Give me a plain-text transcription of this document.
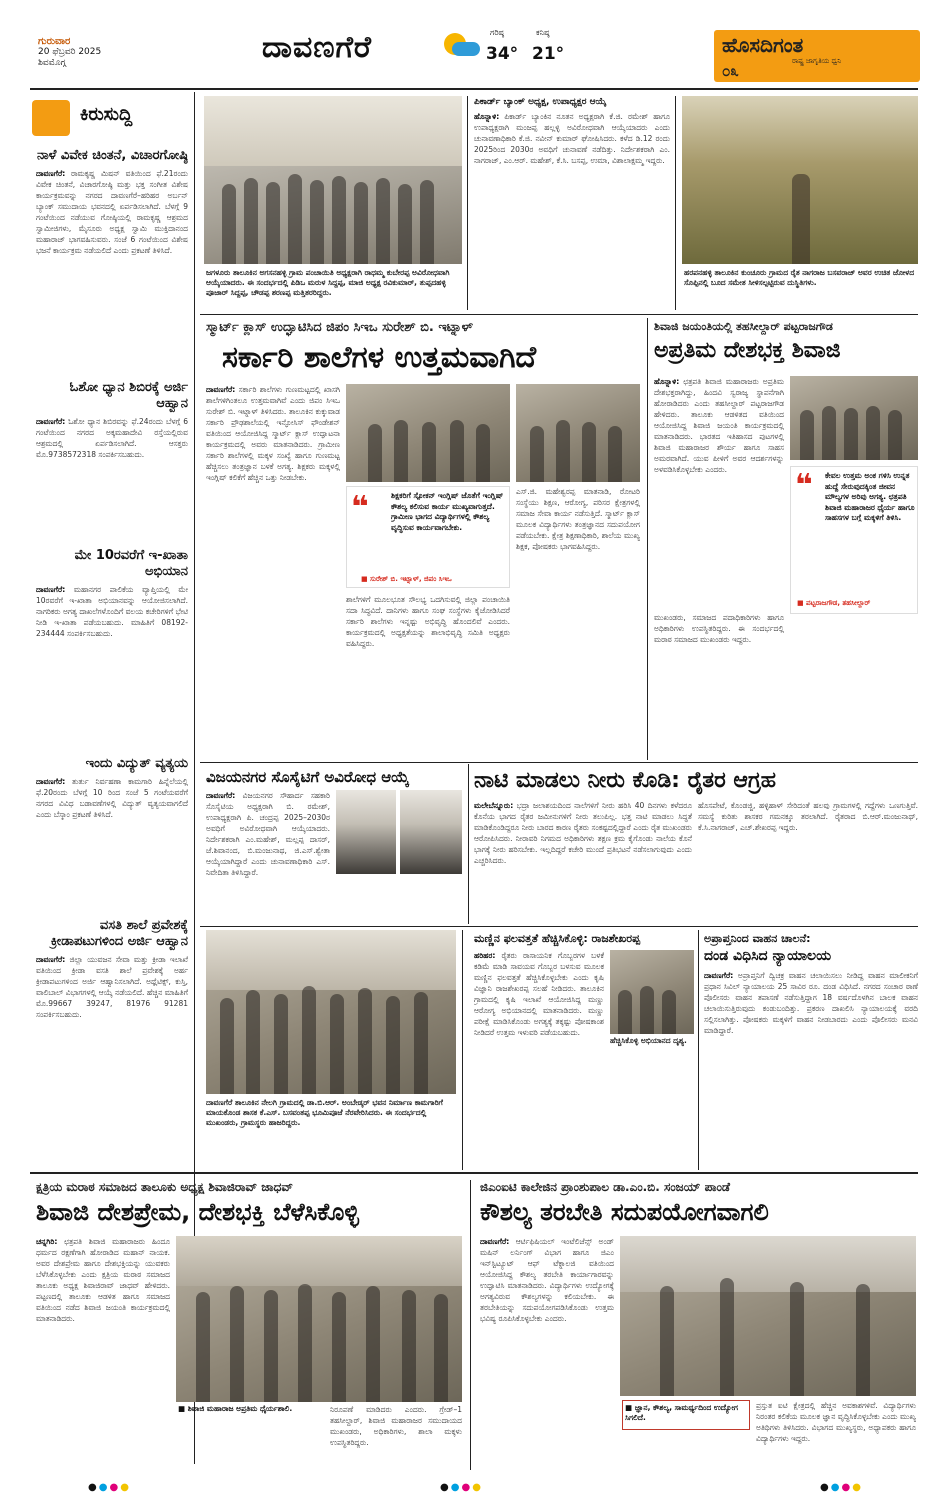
ಗುರುವಾರ
20 ಫೆಬ್ರವರಿ 2025
ಶಿವಮೊಗ್ಗ	ದಾವಣಗೆರೆ	ಗರಿಷ್ಠ
34°
ಕನಿಷ್ಠ
21°	ಹೊಸದಿಗಂತ
ರಾಷ್ಟ್ರ ಜಾಗೃತಿಯ ಧ್ವನಿ
೦೩
ಕಿರುಸುದ್ದಿ
ನಾಳೆ ವಿವೇಕ ಚಿಂತನೆ, ವಿಚಾರಗೋಷ್ಠಿ
ದಾವಣಗೆರೆ: ರಾಮಕೃಷ್ಣ ಮಿಷನ್ ವತಿಯಿಂದ ಫೆ.21ರಂದು ವಿವೇಕ ಚಿಂತನೆ, ವಿಚಾರಗೋಷ್ಠಿ ಮತ್ತು ಭಕ್ತ ಸಂಗೀತ ವಿಶೇಷ ಕಾರ್ಯಕ್ರಮವನ್ನು ನಗರದ ದಾವಣಗೆರೆ–ಹರಿಹರ ಅರ್ಬನ್ ಬ್ಯಾಂಕ್ ಸಮುದಾಯ ಭವನದಲ್ಲಿ ಏರ್ಪಡಿಸಲಾಗಿದೆ. ಬೆಳಗ್ಗೆ 9 ಗಂಟೆಯಿಂದ ನಡೆಯುವ ಗೋಷ್ಠಿಯಲ್ಲಿ ರಾಮಕೃಷ್ಣ ಆಶ್ರಮದ ಸ್ವಾಮೀಜಿಗಳು, ಮೈಸೂರು ಅಧ್ಯಕ್ಷ ಸ್ವಾಮಿ ಮುಕ್ತಿದಾನಂದ ಮಹಾರಾಜ್ ಭಾಗವಹಿಸುವರು. ಸಂಜೆ 6 ಗಂಟೆಯಿಂದ ವಿಶೇಷ ಭಜನೆ ಕಾರ್ಯಕ್ರಮ ನಡೆಯಲಿದೆ ಎಂದು ಪ್ರಕಟಣೆ ತಿಳಿಸಿದೆ.
ಓಶೋ ಧ್ಯಾನ ಶಿಬಿರಕ್ಕೆ ಅರ್ಜಿ ಆಹ್ವಾನ
ದಾವಣಗೆರೆ: ಓಶೋ ಧ್ಯಾನ ಶಿಬಿರವನ್ನು ಫೆ.24ರಂದು ಬೆಳಗ್ಗೆ 6 ಗಂಟೆಯಿಂದ ನಗರದ ಅಕ್ಕಮಹಾದೇವಿ ರಸ್ತೆಯಲ್ಲಿರುವ ಆಶ್ರಮದಲ್ಲಿ ಏರ್ಪಡಿಸಲಾಗಿದೆ. ಆಸಕ್ತರು ಮೊ.9738572318 ಸಂಪರ್ಕಿಸಬಹುದು.
ಮೇ 10ರವರೆಗೆ ಇ-ಖಾತಾ ಅಭಿಯಾನ
ದಾವಣಗೆರೆ: ಮಹಾನಗರ ಪಾಲಿಕೆಯ ವ್ಯಾಪ್ತಿಯಲ್ಲಿ ಮೇ 10ರವರೆಗೆ ಇ-ಖಾತಾ ಅಭಿಯಾನವನ್ನು ಆಯೋಜಿಸಲಾಗಿದೆ. ನಾಗರಿಕರು ಅಗತ್ಯ ದಾಖಲೆಗಳೊಂದಿಗೆ ವಲಯ ಕಚೇರಿಗಳಿಗೆ ಭೇಟಿ ನೀಡಿ ಇ-ಖಾತಾ ಪಡೆಯಬಹುದು. ಮಾಹಿತಿಗೆ 08192-234444 ಸಂಪರ್ಕಿಸಬಹುದು.
ಇಂದು ವಿದ್ಯುತ್ ವ್ಯತ್ಯಯ
ದಾವಣಗೆರೆ: ತುರ್ತು ನಿರ್ವಹಣಾ ಕಾಮಗಾರಿ ಹಿನ್ನೆಲೆಯಲ್ಲಿ ಫೆ.20ರಂದು ಬೆಳಗ್ಗೆ 10 ರಿಂದ ಸಂಜೆ 5 ಗಂಟೆಯವರೆಗೆ ನಗರದ ವಿವಿಧ ಬಡಾವಣೆಗಳಲ್ಲಿ ವಿದ್ಯುತ್ ವ್ಯತ್ಯಯವಾಗಲಿದೆ ಎಂದು ಬೆಸ್ಕಾಂ ಪ್ರಕಟಣೆ ತಿಳಿಸಿದೆ.
ವಸತಿ ಶಾಲೆ ಪ್ರವೇಶಕ್ಕೆ ಕ್ರೀಡಾಪಟುಗಳಿಂದ ಅರ್ಜಿ ಆಹ್ವಾನ
ದಾವಣಗೆರೆ: ಜಿಲ್ಲಾ ಯುವಜನ ಸೇವಾ ಮತ್ತು ಕ್ರೀಡಾ ಇಲಾಖೆ ವತಿಯಿಂದ ಕ್ರೀಡಾ ವಸತಿ ಶಾಲೆ ಪ್ರವೇಶಕ್ಕೆ ಅರ್ಹ ಕ್ರೀಡಾಪಟುಗಳಿಂದ ಅರ್ಜಿ ಆಹ್ವಾನಿಸಲಾಗಿದೆ. ಅಥ್ಲೆಟಿಕ್ಸ್, ಕುಸ್ತಿ, ವಾಲಿಬಾಲ್ ವಿಭಾಗಗಳಲ್ಲಿ ಆಯ್ಕೆ ನಡೆಯಲಿದೆ. ಹೆಚ್ಚಿನ ಮಾಹಿತಿಗೆ ಮೊ.99667 39247, 81976 91281 ಸಂಪರ್ಕಿಸಬಹುದು.
ಜಗಳೂರು ತಾಲೂಕಿನ ಅಗಸನಹಳ್ಳಿ ಗ್ರಾಮ ಪಂಚಾಯಿತಿ ಅಧ್ಯಕ್ಷರಾಗಿ ರಾಧಮ್ಮ ಕುಬೇರಪ್ಪ ಅವಿರೋಧವಾಗಿ ಆಯ್ಕೆಯಾದರು. ಈ ಸಂದರ್ಭದಲ್ಲಿ ಪಿಡಿಒ ಮರುಳ ಸಿದ್ದಪ್ಪ, ಮಾಜಿ ಅಧ್ಯಕ್ಷ ರವಿಕುಮಾರ್, ತುಪ್ಪದಹಳ್ಳಿ ಪೂಜಾರ್ ಸಿದ್ದಪ್ಪ, ಚೌಡಪ್ಪ ಶರಣಪ್ಪ ಮತ್ತಿತರರಿದ್ದರು.
ಪಿಕಾರ್ಡ್ ಬ್ಯಾಂಕ್ ಅಧ್ಯಕ್ಷ, ಉಪಾಧ್ಯಕ್ಷರ ಆಯ್ಕೆ
ಹೊನ್ನಾಳಿ: ಪಿಕಾರ್ಡ್ ಬ್ಯಾಂಕಿನ ನೂತನ ಅಧ್ಯಕ್ಷರಾಗಿ ಕೆ.ಜಿ. ರಮೇಶ್ ಹಾಗೂ ಉಪಾಧ್ಯಕ್ಷರಾಗಿ ಮಂಜಪ್ಪ ಹಲ್ಲಳ್ಳಿ ಅವಿರೋಧವಾಗಿ ಆಯ್ಕೆಯಾದರು ಎಂದು ಚುನಾವಣಾಧಿಕಾರಿ ಕೆ.ಜಿ. ನವೀನ್ ಕುಮಾರ್ ಘೋಷಿಸಿದರು. ಕಳೆದ ಡಿ.12 ರಂದು 2025ರಿಂದ 2030ರ ಅವಧಿಗೆ ಚುನಾವಣೆ ನಡೆದಿತ್ತು. ನಿರ್ದೇಶಕರಾಗಿ ಎಂ. ನಾಗರಾಜ್, ಎಂ.ಆರ್. ಮಹೇಶ್, ಕೆ.ಸಿ. ಬಸಪ್ಪ, ಉಮಾ, ವಿಶಾಲಾಕ್ಷಮ್ಮ ಇದ್ದರು.
ಹರಪನಹಳ್ಳಿ ತಾಲೂಕಿನ ಕುಂಚೂರು ಗ್ರಾಮದ ರೈತ ನಾಗರಾಜ ಬಸವರಾಜ್ ಅವರ ಉಚಿತ ಜೋಳದ ಸೊಪ್ಪಿನಲ್ಲಿ ಬೂದ ಸಮೇತ ಸೀಳಿಸಲ್ಪಟ್ಟಿರುವ ದುಸ್ಥಿತಿಗಳು.
ಸ್ಮಾರ್ಟ್ ಕ್ಲಾಸ್ ಉದ್ಘಾಟಿಸಿದ ಜಿಪಂ ಸಿಇಒ ಸುರೇಶ್ ಬಿ. ಇಟ್ನಾಳ್
ಸರ್ಕಾರಿ ಶಾಲೆಗಳ ಉತ್ತಮವಾಗಿದೆ
ದಾವಣಗೆರೆ: ಸರ್ಕಾರಿ ಶಾಲೆಗಳು ಗುಣಮಟ್ಟದಲ್ಲಿ ಖಾಸಗಿ ಶಾಲೆಗಳಿಗಿಂತಲೂ ಉತ್ತಮವಾಗಿವೆ ಎಂದು ಜಿಪಂ ಸಿಇಒ ಸುರೇಶ್ ಬಿ. ಇಟ್ನಾಳ್ ತಿಳಿಸಿದರು. ತಾಲೂಕಿನ ಕುಕ್ಕುವಾಡ ಸರ್ಕಾರಿ ಪ್ರೌಢಶಾಲೆಯಲ್ಲಿ ಇನ್ಫೋಸಿಸ್ ಫೌಂಡೇಶನ್ ವತಿಯಿಂದ ಆಯೋಜಿಸಿದ್ದ ಸ್ಮಾರ್ಟ್ ಕ್ಲಾಸ್ ಉದ್ಘಾಟನಾ ಕಾರ್ಯಕ್ರಮದಲ್ಲಿ ಅವರು ಮಾತನಾಡಿದರು. ಗ್ರಾಮೀಣ ಸರ್ಕಾರಿ ಶಾಲೆಗಳಲ್ಲಿ ಮಕ್ಕಳ ಸಂಖ್ಯೆ ಹಾಗೂ ಗುಣಮಟ್ಟ ಹೆಚ್ಚಿಸಲು ತಂತ್ರಜ್ಞಾನ ಬಳಕೆ ಅಗತ್ಯ. ಶಿಕ್ಷಕರು ಮಕ್ಕಳಲ್ಲಿ ಇಂಗ್ಲಿಷ್ ಕಲಿಕೆಗೆ ಹೆಚ್ಚಿನ ಒತ್ತು ನೀಡಬೇಕು.
❝	ಶಿಕ್ಷಕರಿಗೆ ಸ್ಪೋಕನ್ ಇಂಗ್ಲಿಷ್ ಜೊತೆಗೆ ಇಂಗ್ಲಿಷ್ ಕೌಶಲ್ಯ ಕಲಿಸುವ ಕಾರ್ಯ ಮುಖ್ಯವಾಗುತ್ತದೆ. ಗ್ರಾಮೀಣ ಭಾಗದ ವಿದ್ಯಾರ್ಥಿಗಳಲ್ಲಿ ಕೌಶಲ್ಯ ವೃದ್ಧಿಸುವ ಕಾರ್ಯವಾಗಬೇಕು.
■ ಸುರೇಶ್ ಬಿ. ಇಟ್ನಾಳ್, ಜಿಪಂ ಸಿಇಒ
ಶಾಲೆಗಳಿಗೆ ಮೂಲಭೂತ ಸೌಲಭ್ಯ ಒದಗಿಸುವಲ್ಲಿ ಜಿಲ್ಲಾ ಪಂಚಾಯಿತಿ ಸದಾ ಸಿದ್ಧವಿದೆ. ದಾನಿಗಳು ಹಾಗೂ ಸಂಘ ಸಂಸ್ಥೆಗಳು ಕೈಜೋಡಿಸಿದರೆ ಸರ್ಕಾರಿ ಶಾಲೆಗಳು ಇನ್ನಷ್ಟು ಅಭಿವೃದ್ಧಿ ಹೊಂದಲಿವೆ ಎಂದರು. ಕಾರ್ಯಕ್ರಮದಲ್ಲಿ ಅಧ್ಯಕ್ಷತೆಯನ್ನು ಶಾಲಾಭಿವೃದ್ಧಿ ಸಮಿತಿ ಅಧ್ಯಕ್ಷರು ವಹಿಸಿದ್ದರು.
ಎಸ್.ಜಿ. ಮಹೇಶ್ವರಪ್ಪ ಮಾತನಾಡಿ, ರೋಟರಿ ಸಂಸ್ಥೆಯು ಶಿಕ್ಷಣ, ಆರೋಗ್ಯ, ಪರಿಸರ ಕ್ಷೇತ್ರಗಳಲ್ಲಿ ಸಮಾಜ ಸೇವಾ ಕಾರ್ಯ ನಡೆಸುತ್ತಿದೆ. ಸ್ಮಾರ್ಟ್ ಕ್ಲಾಸ್ ಮೂಲಕ ವಿದ್ಯಾರ್ಥಿಗಳು ತಂತ್ರಜ್ಞಾನದ ಸದುಪಯೋಗ ಪಡೆಯಬೇಕು. ಕ್ಷೇತ್ರ ಶಿಕ್ಷಣಾಧಿಕಾರಿ, ಶಾಲೆಯ ಮುಖ್ಯ ಶಿಕ್ಷಕ, ಪೋಷಕರು ಭಾಗವಹಿಸಿದ್ದರು.
ಶಿವಾಜಿ ಜಯಂತಿಯಲ್ಲಿ ತಹಸೀಲ್ದಾರ್ ಪಟ್ಟರಾಜಗೌಡ
ಅಪ್ರತಿಮ ದೇಶಭಕ್ತ ಶಿವಾಜಿ
ಹೊನ್ನಾಳಿ: ಛತ್ರಪತಿ ಶಿವಾಜಿ ಮಹಾರಾಜರು ಅಪ್ರತಿಮ ದೇಶಭಕ್ತರಾಗಿದ್ದು, ಹಿಂದವಿ ಸ್ವರಾಜ್ಯ ಸ್ಥಾಪನೆಗಾಗಿ ಹೋರಾಡಿದರು ಎಂದು ತಹಸೀಲ್ದಾರ್ ಪಟ್ಟರಾಜಗೌಡ ಹೇಳಿದರು. ತಾಲೂಕು ಆಡಳಿತದ ವತಿಯಿಂದ ಆಯೋಜಿಸಿದ್ದ ಶಿವಾಜಿ ಜಯಂತಿ ಕಾರ್ಯಕ್ರಮದಲ್ಲಿ ಮಾತನಾಡಿದರು. ಭಾರತದ ಇತಿಹಾಸದ ಪುಟಗಳಲ್ಲಿ ಶಿವಾಜಿ ಮಹಾರಾಜರ ಶೌರ್ಯ ಹಾಗೂ ಸಾಹಸ ಅಮರವಾಗಿದೆ. ಯುವ ಪೀಳಿಗೆ ಅವರ ಆದರ್ಶಗಳನ್ನು ಅಳವಡಿಸಿಕೊಳ್ಳಬೇಕು ಎಂದರು.	❝ ಕೇವಲ ಉತ್ತಮ ಅಂಕ ಗಳಿಸಿ ಉನ್ನತ ಹುದ್ದೆ ಸೇರುವುದಕ್ಕಿಂತ ಜೀವನ ಮೌಲ್ಯಗಳ ಅರಿವು ಅಗತ್ಯ. ಛತ್ರಪತಿ ಶಿವಾಜಿ ಮಹಾರಾಜರ ಧೈರ್ಯ ಹಾಗೂ ಸಾಹಸಗಳ ಬಗ್ಗೆ ಮಕ್ಕಳಿಗೆ ತಿಳಿಸಿ.
■ ಪಟ್ಟರಾಜಗೌಡ, ತಹಸೀಲ್ದಾರ್
ಮುಖಂಡರು, ಸಮಾಜದ ಪದಾಧಿಕಾರಿಗಳು ಹಾಗೂ ಅಧಿಕಾರಿಗಳು ಉಪಸ್ಥಿತರಿದ್ದರು. ಈ ಸಂದರ್ಭದಲ್ಲಿ ಮರಾಠ ಸಮಾಜದ ಮುಖಂಡರು ಇದ್ದರು.
ವಿಜಯನಗರ ಸೊಸೈಟಿಗೆ ಅವಿರೋಧ ಆಯ್ಕೆ
ದಾವಣಗೆರೆ: ವಿಜಯನಗರ ಸೌಹಾರ್ದ ಸಹಕಾರಿ ಸೊಸೈಟಿಯ ಅಧ್ಯಕ್ಷರಾಗಿ ಬಿ. ರಮೇಶ್, ಉಪಾಧ್ಯಕ್ಷರಾಗಿ ಪಿ. ಚಂದ್ರಪ್ಪ 2025–2030ರ ಅವಧಿಗೆ ಅವಿರೋಧವಾಗಿ ಆಯ್ಕೆಯಾದರು. ನಿರ್ದೇಶಕರಾಗಿ ಎಂ.ಮಹೇಶ್, ಮಲ್ಲಪ್ಪ ದಾಸರ್, ಜೆ.ಶಿವಾನಂದ, ಬಿ.ಮಂಜುನಾಥ, ಜಿ.ಎಸ್.ಶ್ವೇತಾ ಆಯ್ಕೆಯಾಗಿದ್ದಾರೆ ಎಂದು ಚುನಾವಣಾಧಿಕಾರಿ ಎಸ್. ನಿವೇದಿತಾ ತಿಳಿಸಿದ್ದಾರೆ.
ನಾಟಿ ಮಾಡಲು ನೀರು ಕೊಡಿ: ರೈತರ ಆಗ್ರಹ
ಮಲೇಬೆನ್ನೂರು: ಭದ್ರಾ ಜಲಾಶಯದಿಂದ ನಾಲೆಗಳಿಗೆ ನೀರು ಹರಿಸಿ 40 ದಿನಗಳು ಕಳೆದರೂ ಕೊನೆಯ ಭಾಗದ ರೈತರ ಜಮೀನುಗಳಿಗೆ ನೀರು ತಲುಪಿಲ್ಲ. ಭತ್ತ ನಾಟಿ ಮಾಡಲು ಸಿದ್ಧತೆ ಮಾಡಿಕೊಂಡಿದ್ದರೂ ನೀರು ಬಾರದ ಕಾರಣ ರೈತರು ಸಂಕಷ್ಟದಲ್ಲಿದ್ದಾರೆ ಎಂದು ರೈತ ಮುಖಂಡರು ಆರೋಪಿಸಿದರು. ನೀರಾವರಿ ನಿಗಮದ ಅಧಿಕಾರಿಗಳು ತಕ್ಷಣ ಕ್ರಮ ಕೈಗೊಂಡು ನಾಲೆಯ ಕೊನೆ ಭಾಗಕ್ಕೆ ನೀರು ಹರಿಸಬೇಕು. ಇಲ್ಲದಿದ್ದರೆ ಕಚೇರಿ ಮುಂದೆ ಪ್ರತಿಭಟನೆ ನಡೆಸಲಾಗುವುದು ಎಂದು ಎಚ್ಚರಿಸಿದರು.
ಹೊಸಪೇಟೆ, ಕೊಂಡಜ್ಜಿ, ಹಳ್ಳಿಹಾಳ್ ಸೇರಿದಂತೆ ಹಲವು ಗ್ರಾಮಗಳಲ್ಲಿ ಗದ್ದೆಗಳು ಒಣಗುತ್ತಿವೆ. ಸಮಸ್ಯೆ ಕುರಿತು ಶಾಸಕರ ಗಮನಕ್ಕೂ ತರಲಾಗಿದೆ. ರೈತರಾದ ಬಿ.ಆರ್.ಮಂಜುನಾಥ್, ಕೆ.ಸಿ.ನಾಗರಾಜ್, ಎಚ್.ಶೇಖರಪ್ಪ ಇದ್ದರು.
ದಾವಣಗೆರೆ ತಾಲೂಕಿನ ನೇಲಗಿ ಗ್ರಾಮದಲ್ಲಿ ಡಾ.ಬಿ.ಆರ್. ಅಂಬೇಡ್ಕರ್ ಭವನ ನಿರ್ಮಾಣ ಕಾಮಗಾರಿಗೆ ಮಾಯಕೊಂಡ ಶಾಸಕ ಕೆ.ಎಸ್. ಬಸವಂತಪ್ಪ ಭೂಮಿಪೂಜೆ ನೆರವೇರಿಸಿದರು. ಈ ಸಂದರ್ಭದಲ್ಲಿ ಮುಖಂಡರು, ಗ್ರಾಮಸ್ಥರು ಹಾಜರಿದ್ದರು.
ಮಣ್ಣಿನ ಫಲವತ್ತತೆ ಹೆಚ್ಚಿಸಿಕೊಳ್ಳಿ: ರಾಜಶೇಖರಪ್ಪ
ಹರಿಹರ: ರೈತರು ರಾಸಾಯನಿಕ ಗೊಬ್ಬರಗಳ ಬಳಕೆ ಕಡಿಮೆ ಮಾಡಿ ಸಾವಯವ ಗೊಬ್ಬರ ಬಳಸುವ ಮೂಲಕ ಮಣ್ಣಿನ ಫಲವತ್ತತೆ ಹೆಚ್ಚಿಸಿಕೊಳ್ಳಬೇಕು ಎಂದು ಕೃಷಿ ವಿಜ್ಞಾನಿ ರಾಜಶೇಖರಪ್ಪ ಸಲಹೆ ನೀಡಿದರು. ತಾಲೂಕಿನ ಗ್ರಾಮದಲ್ಲಿ ಕೃಷಿ ಇಲಾಖೆ ಆಯೋಜಿಸಿದ್ದ ಮಣ್ಣು ಆರೋಗ್ಯ ಅಭಿಯಾನದಲ್ಲಿ ಮಾತನಾಡಿದರು. ಮಣ್ಣು ಪರೀಕ್ಷೆ ಮಾಡಿಸಿಕೊಂಡು ಅಗತ್ಯಕ್ಕೆ ತಕ್ಕಷ್ಟು ಪೋಷಕಾಂಶ ನೀಡಿದರೆ ಉತ್ತಮ ಇಳುವರಿ ಪಡೆಯಬಹುದು.
ಹೆಚ್ಚಿಸಿಕೊಳ್ಳಿ ಅಭಿಯಾನದ ದೃಶ್ಯ.
ಅಪ್ರಾಪ್ತನಿಂದ ವಾಹನ ಚಾಲನೆ:
ದಂಡ ವಿಧಿಸಿದ ನ್ಯಾಯಾಲಯ
ದಾವಣಗೆರೆ: ಅಪ್ರಾಪ್ತನಿಗೆ ದ್ವಿಚಕ್ರ ವಾಹನ ಚಲಾಯಿಸಲು ನೀಡಿದ್ದ ವಾಹನ ಮಾಲೀಕನಿಗೆ ಪ್ರಧಾನ ಸಿವಿಲ್ ನ್ಯಾಯಾಲಯ 25 ಸಾವಿರ ರೂ. ದಂಡ ವಿಧಿಸಿದೆ. ನಗರದ ಸಂಚಾರ ಠಾಣೆ ಪೊಲೀಸರು ವಾಹನ ತಪಾಸಣೆ ನಡೆಸುತ್ತಿದ್ದಾಗ 18 ವರ್ಷದೊಳಗಿನ ಬಾಲಕ ವಾಹನ ಚಲಾಯಿಸುತ್ತಿರುವುದು ಕಂಡುಬಂದಿತ್ತು. ಪ್ರಕರಣ ದಾಖಲಿಸಿ ನ್ಯಾಯಾಲಯಕ್ಕೆ ವರದಿ ಸಲ್ಲಿಸಲಾಗಿತ್ತು. ಪೋಷಕರು ಮಕ್ಕಳಿಗೆ ವಾಹನ ನೀಡಬಾರದು ಎಂದು ಪೊಲೀಸರು ಮನವಿ ಮಾಡಿದ್ದಾರೆ.
ಕ್ಷತ್ರಿಯ ಮರಾಠ ಸಮಾಜದ ತಾಲೂಕು ಅಧ್ಯಕ್ಷ ಶಿವಾಜಿರಾವ್ ಜಾಧವ್
ಶಿವಾಜಿ ದೇಶಪ್ರೇಮ, ದೇಶಭಕ್ತಿ ಬೆಳೆಸಿಕೊಳ್ಳಿ
ಚನ್ನಗಿರಿ: ಛತ್ರಪತಿ ಶಿವಾಜಿ ಮಹಾರಾಜರು ಹಿಂದೂ ಧರ್ಮದ ರಕ್ಷಣೆಗಾಗಿ ಹೋರಾಡಿದ ಮಹಾನ್ ನಾಯಕ. ಅವರ ದೇಶಪ್ರೇಮ ಹಾಗೂ ದೇಶಭಕ್ತಿಯನ್ನು ಯುವಕರು ಬೆಳೆಸಿಕೊಳ್ಳಬೇಕು ಎಂದು ಕ್ಷತ್ರಿಯ ಮರಾಠ ಸಮಾಜದ ತಾಲೂಕು ಅಧ್ಯಕ್ಷ ಶಿವಾಜಿರಾವ್ ಜಾಧವ್ ಹೇಳಿದರು. ಪಟ್ಟಣದಲ್ಲಿ ತಾಲೂಕು ಆಡಳಿತ ಹಾಗೂ ಸಮಾಜದ ವತಿಯಿಂದ ನಡೆದ ಶಿವಾಜಿ ಜಯಂತಿ ಕಾರ್ಯಕ್ರಮದಲ್ಲಿ ಮಾತನಾಡಿದರು.
■ ಶಿವಾಜಿ ಮಹಾರಾಜ ಅಪ್ರತಿಮ ಧೈರ್ಯಶಾಲಿ.	ನಿರೂಪಣೆ ಮಾಡಿದರು ಎಂದರು. ಗ್ರೇಡ್–1 ತಹಸೀಲ್ದಾರ್, ಶಿವಾಜಿ ಮಹಾರಾಜರ ಸಮುದಾಯದ ಮುಖಂಡರು, ಅಧಿಕಾರಿಗಳು, ಶಾಲಾ ಮಕ್ಕಳು ಉಪಸ್ಥಿತರಿದ್ದರು.
ಜಿಎಂಐಟಿ ಕಾಲೇಜಿನ ಪ್ರಾಂಶುಪಾಲ ಡಾ.ಎಂ.ಬಿ. ಸಂಜಯ್ ಪಾಂಡೆ
ಕೌಶಲ್ಯ ತರಬೇತಿ ಸದುಪಯೋಗವಾಗಲಿ
ದಾವಣಗೆರೆ: ಆರ್ಟಿಫಿಷಿಯಲ್ ಇಂಟೆಲಿಜೆನ್ಸ್ ಅಂಡ್ ಮಷಿನ್ ಲರ್ನಿಂಗ್ ವಿಭಾಗ ಹಾಗೂ ಜಿಎಂ ಇನ್‌ಸ್ಟಿಟ್ಯೂಟ್ ಆಫ್ ಟೆಕ್ನಾಲಜಿ ವತಿಯಿಂದ ಆಯೋಜಿಸಿದ್ದ ಕೌಶಲ್ಯ ತರಬೇತಿ ಕಾರ್ಯಾಗಾರವನ್ನು ಉದ್ಘಾಟಿಸಿ ಮಾತನಾಡಿದರು. ವಿದ್ಯಾರ್ಥಿಗಳು ಉದ್ಯೋಗಕ್ಕೆ ಅಗತ್ಯವಿರುವ ಕೌಶಲ್ಯಗಳನ್ನು ಕಲಿಯಬೇಕು. ಈ ತರಬೇತಿಯನ್ನು ಸದುಪಯೋಗಪಡಿಸಿಕೊಂಡು ಉತ್ತಮ ಭವಿಷ್ಯ ರೂಪಿಸಿಕೊಳ್ಳಬೇಕು ಎಂದರು.
■ ಜ್ಞಾನ, ಕೌಶಲ್ಯ, ಸಾಮರ್ಥ್ಯದಿಂದ ಉದ್ಯೋಗ ಸಿಗಲಿದೆ.
ಪ್ರಸ್ತುತ ಐಟಿ ಕ್ಷೇತ್ರದಲ್ಲಿ ಹೆಚ್ಚಿನ ಅವಕಾಶಗಳಿವೆ. ವಿದ್ಯಾರ್ಥಿಗಳು ನಿರಂತರ ಕಲಿಕೆಯ ಮೂಲಕ ಜ್ಞಾನ ವೃದ್ಧಿಸಿಕೊಳ್ಳಬೇಕು ಎಂದು ಮುಖ್ಯ ಅತಿಥಿಗಳು ತಿಳಿಸಿದರು. ವಿಭಾಗದ ಮುಖ್ಯಸ್ಥರು, ಅಧ್ಯಾಪಕರು ಹಾಗೂ ವಿದ್ಯಾರ್ಥಿಗಳು ಇದ್ದರು.
●●●●	●●●●	●●●●
